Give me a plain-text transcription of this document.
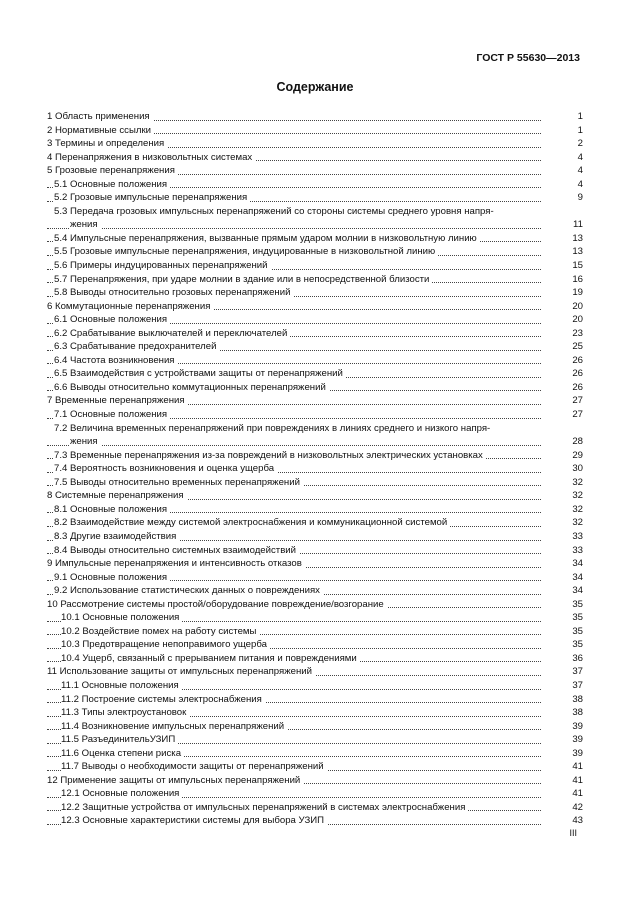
ГОСТ Р 55630—2013
Содержание
1 Область применения	1
2 Нормативные ссылки	1
3 Термины и определения	2
4 Перенапряжения в низковольтных системах	4
5 Грозовые перенапряжения	4
5.1 Основные положения	4
5.2 Грозовые импульсные перенапряжения	9
5.3 Передача грозовых импульсных перенапряжений со стороны системы среднего уровня напря-
жения	11
5.4 Импульсные перенапряжения, вызванные прямым ударом молнии в низковольтную линию	13
5.5 Грозовые импульсные перенапряжения, индуцированные в низковольтной линию	13
5.6 Примеры индуцированных перенапряжений	15
5.7 Перенапряжения, при ударе молнии в здание или в непосредственной близости	16
5.8 Выводы относительно грозовых перенапряжений	19
6 Коммутационные перенапряжения	20
6.1 Основные положения	20
6.2 Срабатывание выключателей и переключателей	23
6.3 Срабатывание предохранителей	25
6.4 Частота возникновения	26
6.5 Взаимодействия с устройствами защиты от перенапряжений	26
6.6 Выводы относительно коммутационных перенапряжений	26
7 Временные перенапряжения	27
7.1 Основные положения	27
7.2 Величина временных перенапряжений при повреждениях в линиях среднего и низкого напря-
жения	28
7.3 Временные перенапряжения из-за повреждений в низковольтных электрических установках	29
7.4 Вероятность возникновения и оценка ущерба	30
7.5 Выводы относительно временных перенапряжений	32
8 Системные перенапряжения	32
8.1 Основные положения	32
8.2 Взаимодействие между системой электроснабжения и коммуникационной системой	32
8.3 Другие взаимодействия	33
8.4 Выводы относительно системных взаимодействий	33
9 Импульсные перенапряжения и интенсивность отказов	34
9.1 Основные положения	34
9.2 Использование статистических данных о повреждениях	34
10 Рассмотрение системы простой/оборудование повреждение/возгорание	35
10.1 Основные положения	35
10.2 Воздействие помех на работу системы	35
10.3 Предотвращение непоправимого ущерба	35
10.4 Ущерб, связанный с прерыванием питания и повреждениями	36
11 Использование защиты от импульсных перенапряжений	37
11.1 Основные положения	37
11.2 Построение системы электроснабжения	38
11.3 Типы электроустановок	38
11.4 Возникновение импульсных перенапряжений	39
11.5 РазъединительУЗИП	39
11.6 Оценка степени риска	39
11.7 Выводы о необходимости защиты от перенапряжений	41
12 Применение защиты от импульсных перенапряжений	41
12.1 Основные положения	41
12.2 Защитные устройства от импульсных перенапряжений в системах электроснабжения	42
12.3 Основные характеристики системы для выбора УЗИП	43
III
